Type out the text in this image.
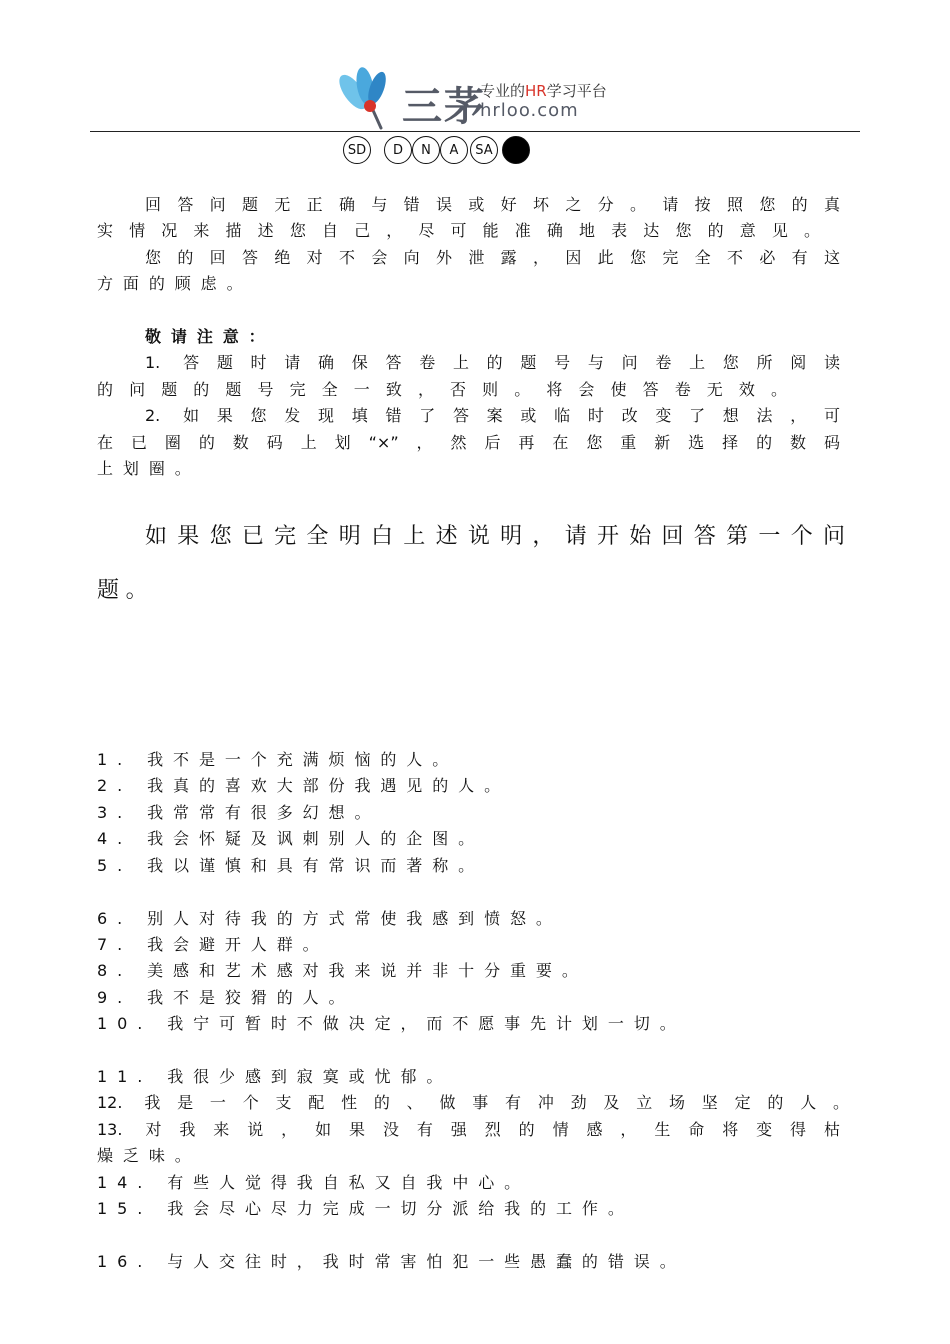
三茅
专业的HR学习平台
hrloo.com
SD	D	N	A	SA
回答问题无正确与错误或好坏之分。请按照您的真
实情况来描述您自己，尽可能准确地表达您的意见。
您的回答绝对不会向外泄露，因此您完全不必有这
方面的顾虑。
敬请注意：
1. 答题时请确保答卷上的题号与问卷上您所阅读
的问题的题号完全一致，否则。将会使答卷无效。
2. 如果您发现填错了答案或临时改变了想法，可
在已圈的数码上划“×”，然后再在您重新选择的数码
上划圈。
如果您已完全明白上述说明，请开始回答第一个问
题。
1. 我不是一个充满烦恼的人。
2. 我真的喜欢大部份我遇见的人。
3. 我常常有很多幻想。
4. 我会怀疑及讽刺别人的企图。
5. 我以谨慎和具有常识而著称。
6. 别人对待我的方式常使我感到愤怒。
7. 我会避开人群。
8. 美感和艺术感对我来说并非十分重要。
9. 我不是狡猾的人。
10. 我宁可暂时不做决定，而不愿事先计划一切。
11. 我很少感到寂寞或忧郁。
12. 我是一个支配性的、做事有冲劲及立场坚定的人。
13. 对我来说，如果没有强烈的情感，生命将变得枯
燥乏味。
14. 有些人觉得我自私又自我中心。
15. 我会尽心尽力完成一切分派给我的工作。
16. 与人交往时，我时常害怕犯一些愚蠢的错误。
